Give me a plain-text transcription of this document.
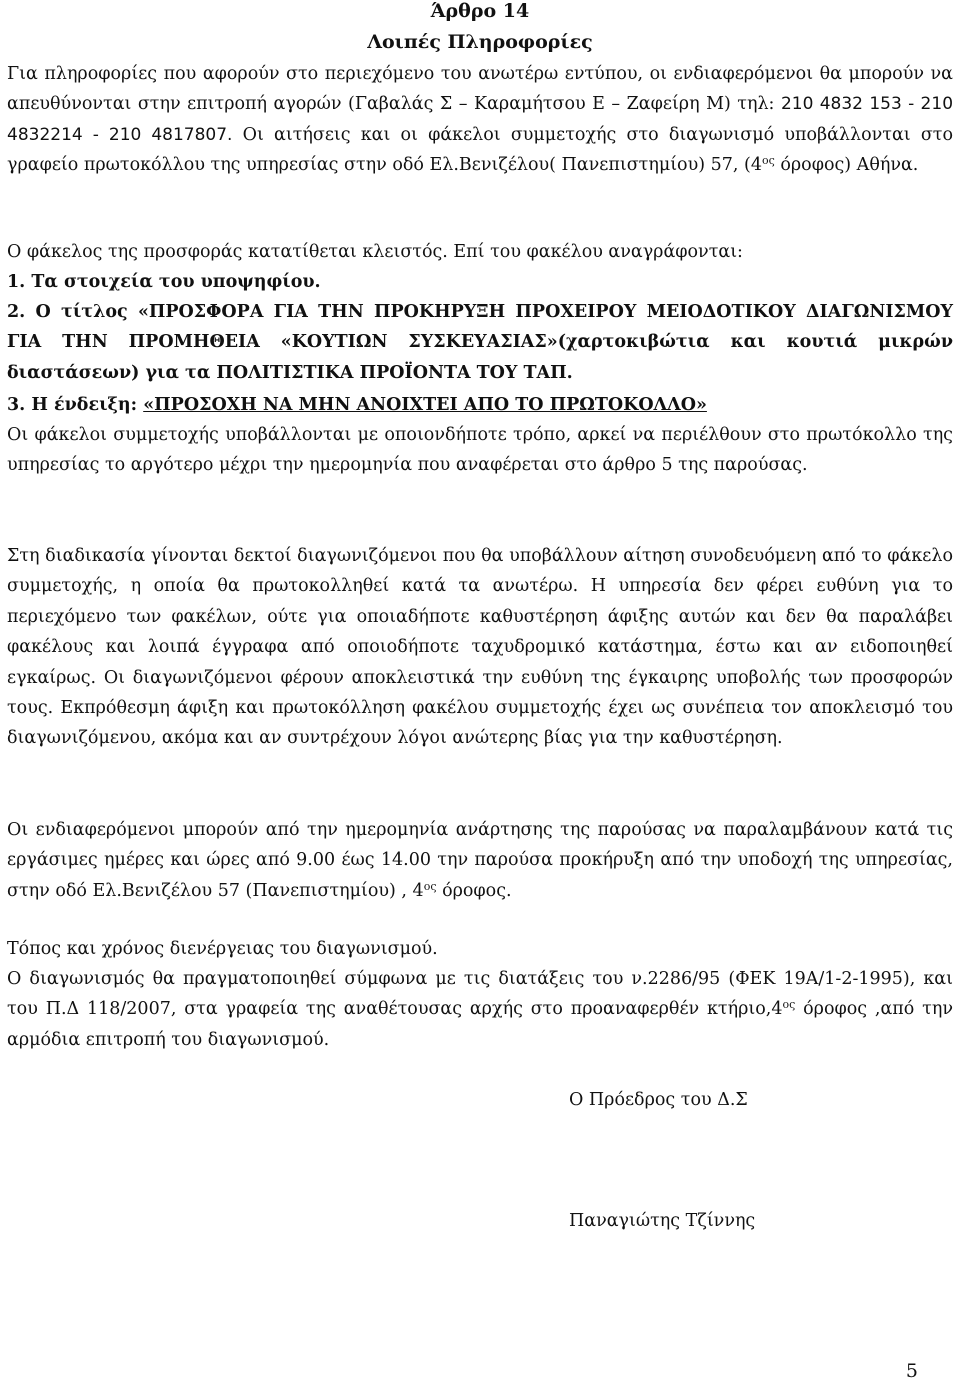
Άρθρο 14
Λοιπές Πληροφορίες
Για πληροφορίες που αφορούν στο περιεχόμενο του ανωτέρω εντύπου, οι ενδιαφερόμενοι θα μπορούν να απευθύνονται στην επιτροπή αγορών (Γαβαλάς Σ – Καραμήτσου Ε – Ζαφείρη Μ) τηλ: 210 4832 153 - 210 4832214 - 210 4817807. Οι αιτήσεις και οι φάκελοι συμμετοχής στο διαγωνισμό υποβάλλονται στο γραφείο πρωτοκόλλου της υπηρεσίας στην οδό Ελ.Βενιζέλου( Πανεπιστημίου) 57, ($4^{o\varsigma}$ όροφος) Αθήνα.
Ο φάκελος της προσφοράς κατατίθεται κλειστός. Επί του φακέλου αναγράφονται:
1. Τα στοιχεία του υποψηφίου.
2. Ο τίτλος «ΠΡΟΣΦΟΡΑ ΓΙΑ ΤΗΝ ΠΡΟΚΗΡΥΞΗ ΠΡΟΧΕΙΡΟΥ ΜΕΙΟΔΟΤΙΚΟΥ ΔΙΑΓΩΝΙΣΜΟΥ ΓΙΑ ΤΗΝ ΠΡΟΜΗΘΕΙΑ «ΚΟΥΤΙΩΝ ΣΥΣΚΕΥΑΣΙΑΣ»(χαρτοκιβώτια και κουτιά μικρών διαστάσεων) για τα ΠΟΛΙΤΙΣΤΙΚΑ ΠΡΟΪΟΝΤΑ ΤΟΥ ΤΑΠ.
3. Η ένδειξη: «ΠΡΟΣΟΧΗ ΝΑ ΜΗΝ ΑΝΟΙΧΤΕΙ ΑΠΟ ΤΟ ΠΡΩΤΟΚΟΛΛΟ»
Οι φάκελοι συμμετοχής υποβάλλονται με οποιονδήποτε τρόπο, αρκεί να περιέλθουν στο πρωτόκολλο της υπηρεσίας το αργότερο μέχρι την ημερομηνία που αναφέρεται στο άρθρο 5 της παρούσας.
Στη διαδικασία γίνονται δεκτοί διαγωνιζόμενοι που θα υποβάλλουν αίτηση συνοδευόμενη από το φάκελο συμμετοχής, η οποία θα πρωτοκολληθεί κατά τα ανωτέρω. Η υπηρεσία δεν φέρει ευθύνη για το περιεχόμενο των φακέλων, ούτε για οποιαδήποτε καθυστέρηση άφιξης αυτών και δεν θα παραλάβει φακέλους και λοιπά έγγραφα από οποιοδήποτε ταχυδρομικό κατάστημα, έστω και αν ειδοποιηθεί εγκαίρως. Οι διαγωνιζόμενοι φέρουν αποκλειστικά την ευθύνη της έγκαιρης υποβολής των προσφορών τους. Εκπρόθεσμη άφιξη και πρωτοκόλληση φακέλου συμμετοχής έχει ως συνέπεια τον αποκλεισμό του διαγωνιζόμενου, ακόμα και αν συντρέχουν λόγοι ανώτερης βίας για την καθυστέρηση.
Οι ενδιαφερόμενοι μπορούν από την ημερομηνία ανάρτησης της παρούσας να παραλαμβάνουν κατά τις εργάσιμες ημέρες και ώρες από 9.00 έως 14.00 την παρούσα προκήρυξη από την υποδοχή της υπηρεσίας, στην οδό Ελ.Βενιζέλου 57 (Πανεπιστημίου) , $4^{o\varsigma}$ όροφος.
Τόπος και χρόνος διενέργειας του διαγωνισμού.
Ο διαγωνισμός θα πραγματοποιηθεί σύμφωνα με τις διατάξεις του ν.2286/95 (ΦΕΚ 19Α/1-2-1995), και του Π.Δ 118/2007, στα γραφεία της αναθέτουσας αρχής στο προαναφερθέν $\kappa\tau ή\rho\iota o,4^{o\varsigma}$ όροφος ,από την αρμόδια επιτροπή του διαγωνισμού.
Ο Πρόεδρος του Δ.Σ
Παναγιώτης Τζίννης
5
